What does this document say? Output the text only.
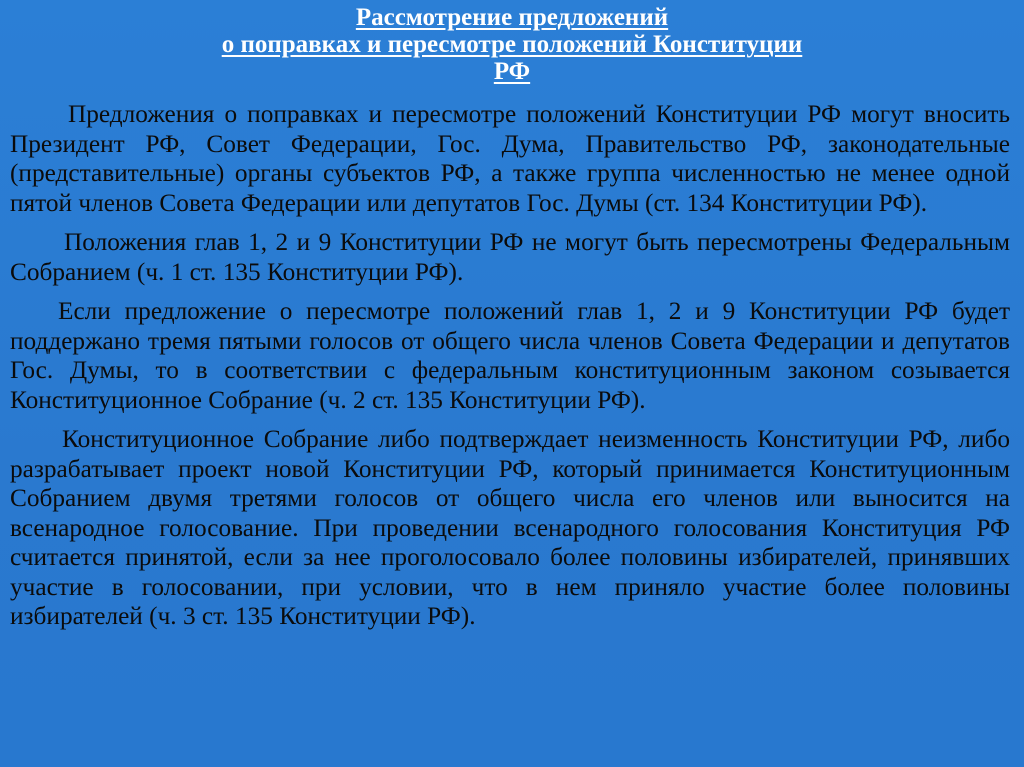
Рассмотрение предложений
о поправках и пересмотре положений Конституции
РФ

Предложения о поправках и пересмотре положений Конституции РФ могут вносить Президент РФ, Совет Федерации, Гос. Дума, Правительство РФ, законодательные (представительные) органы субъектов РФ, а также группа численностью не менее одной пятой членов Совета Федерации или депутатов Гос. Думы (ст. 134 Конституции РФ).

Положения глав 1, 2 и 9 Конституции РФ не могут быть пересмотрены Федеральным Собранием (ч. 1 ст. 135 Конституции РФ).

Если предложение о пересмотре положений глав 1, 2 и 9 Конституции РФ будет поддержано тремя пятыми голосов от общего числа членов Совета Федерации и депутатов Гос. Думы, то в соответствии с федеральным конституционным законом созывается Конституционное Собрание (ч. 2 ст. 135 Конституции РФ).

Конституционное Собрание либо подтверждает неизменность Конституции РФ, либо разрабатывает проект новой Конституции РФ, который принимается Конституционным Собранием двумя третями голосов от общего числа его членов или выносится на всенародное голосование. При проведении всенародного голосования Конституция РФ считается принятой, если за нее проголосовало более половины избирателей, принявших участие в голосовании, при условии, что в нем приняло участие более половины избирателей (ч. 3 ст. 135 Конституции РФ).
